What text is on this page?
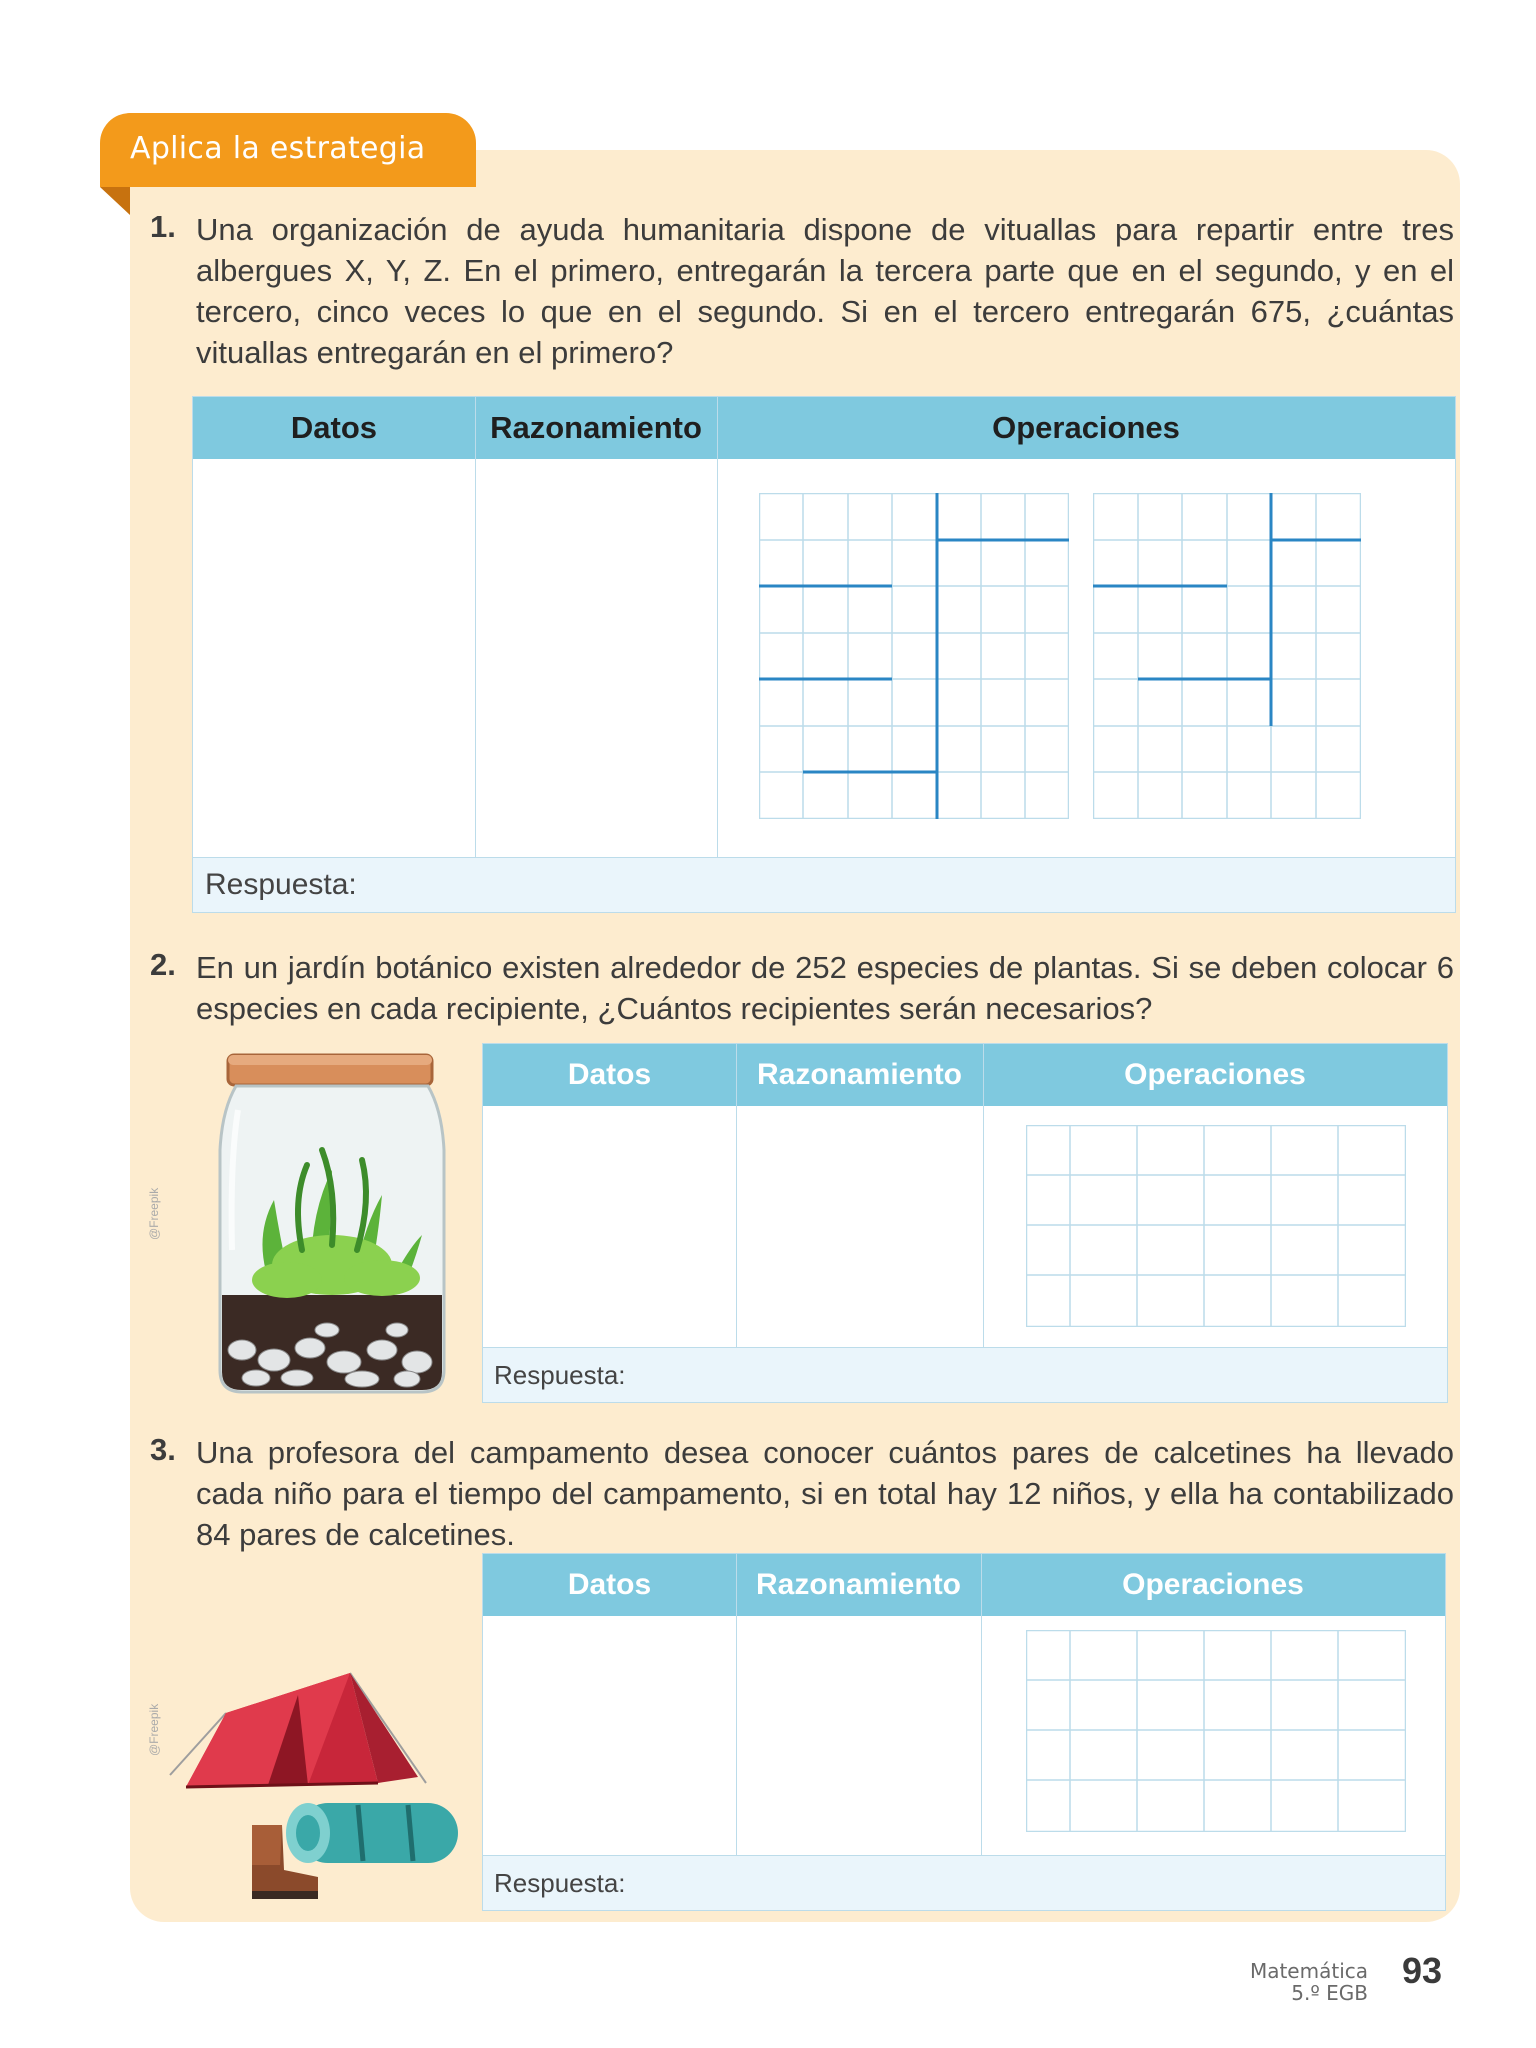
Aplica la estrategia
1. Una organización de ayuda humanitaria dispone de vituallas para repartir entre tres albergues X, Y, Z. En el primero, entregarán la tercera parte que en el segundo, y en el tercero, cinco veces lo que en el segundo. Si en el tercero entregarán 675, ¿cuántas vituallas entregarán en el primero?
Datos	Razonamiento	Operaciones
Respuesta:
2. En un jardín botánico existen alrededor de 252 especies de plantas. Si se deben colocar 6 especies en cada recipiente, ¿Cuántos recipientes serán necesarios?
@Freepik
Datos	Razonamiento	Operaciones
Respuesta:
3. Una profesora del campamento desea conocer cuántos pares de calcetines ha llevado cada niño para el tiempo del campamento, si en total hay 12 niños, y ella ha contabilizado 84 pares de calcetines.
@Freepik
Datos	Razonamiento	Operaciones
Respuesta:
Matemática
5.º EGB
93
